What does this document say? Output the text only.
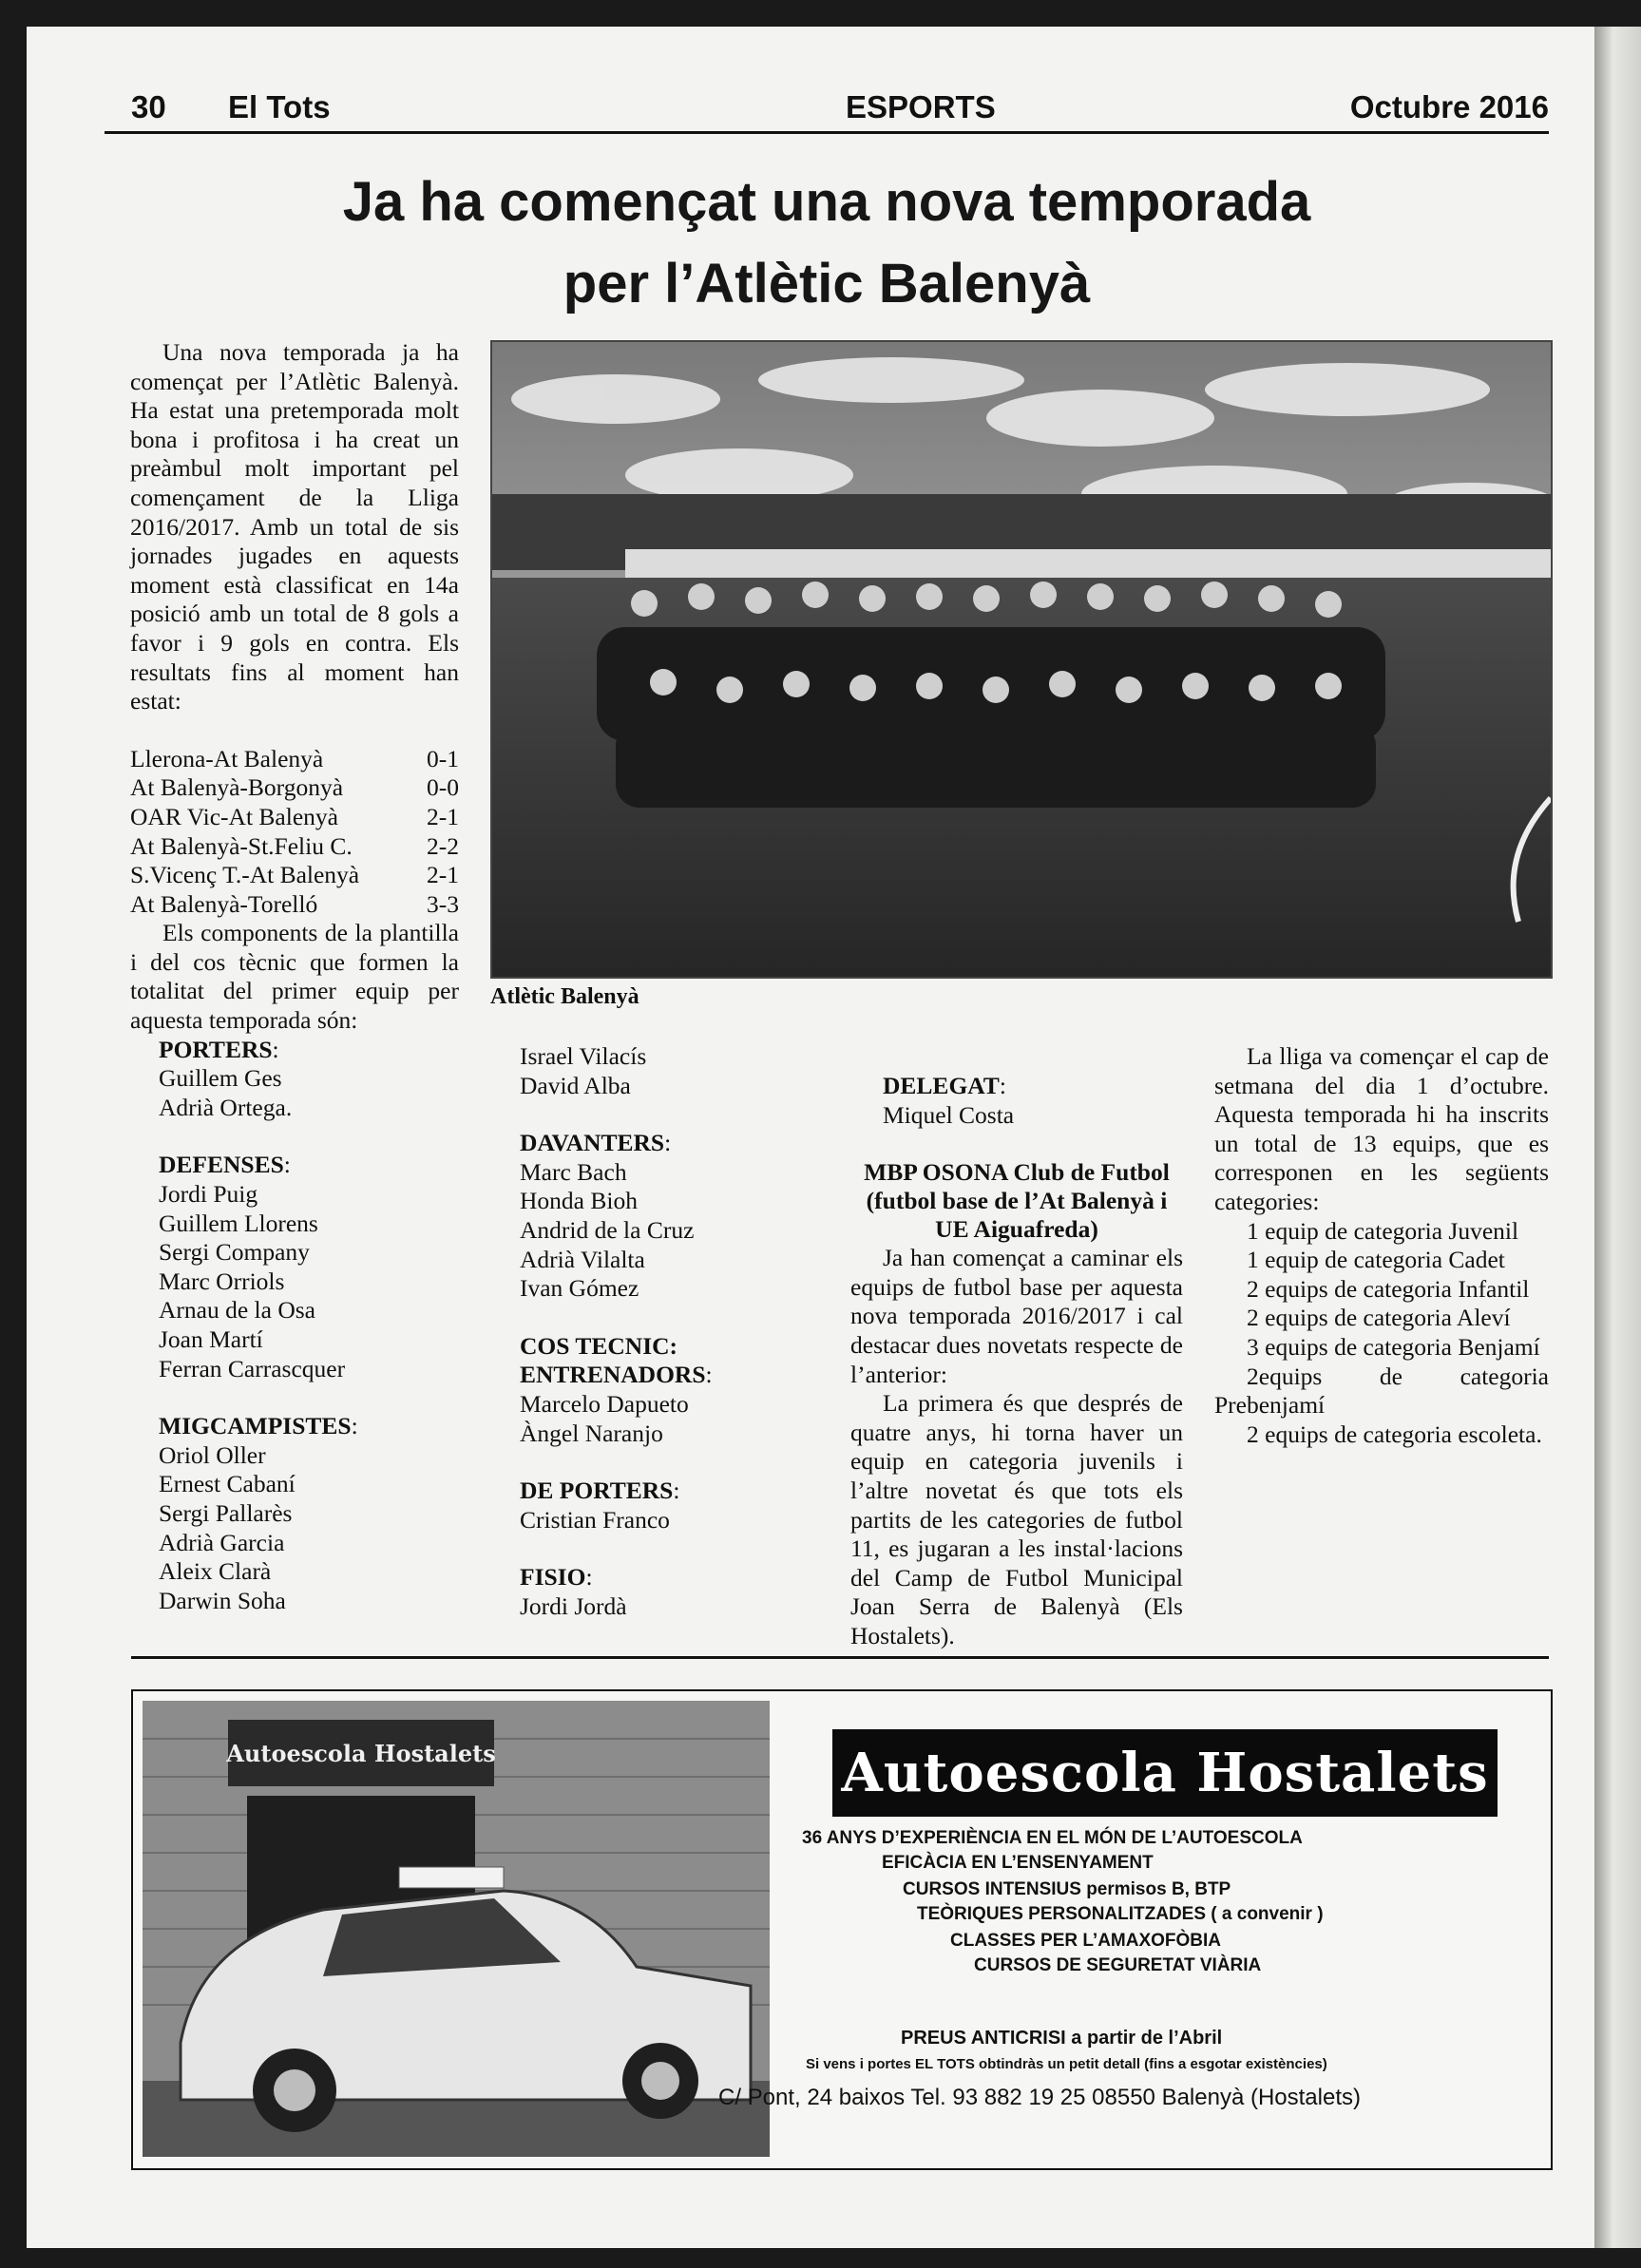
30 El Tots	ESPORTS	Octubre 2016
Ja ha començat una nova temporada
per l’Atlètic Balenyà
Atlètic Balenyà

Una nova temporada ja ha començat per l’Atlètic Balenyà. Ha estat una pretemporada molt bona i profitosa i ha creat un preàmbul molt important pel començament de la Lliga 2016/2017. Amb un total de sis jornades jugades en aquests moment està classificat en 14a posició amb un total de 8 gols a favor i 9 gols en contra. Els resultats fins al moment han estat:

Llerona-At Balenyà	0-1
At Balenyà-Borgonyà	0-0
OAR Vic-At Balenyà	2-1
At Balenyà-St.Feliu C.	2-2
S.Vicenç T.-At Balenyà	2-1
At Balenyà-Torelló	3-3

Els components de la plantilla i del cos tècnic que formen la totalitat del primer equip per aquesta temporada són:

PORTERS:
Guillem Ges
Adrià Ortega.
DEFENSES:
Jordi Puig
Guillem Llorens
Sergi Company
Marc Orriols
Arnau de la Osa
Joan Martí
Ferran Carrascquer
MIGCAMPISTES:
Oriol Oller
Ernest Cabaní
Sergi Pallarès
Adrià Garcia
Aleix Clarà
Darwin Soha
Israel Vilacís
David Alba
DAVANTERS:
Marc Bach
Honda Bioh
Andrid de la Cruz
Adrià Vilalta
Ivan Gómez
COS TECNIC:
ENTRENADORS:
Marcelo Dapueto
Àngel Naranjo
DE PORTERS:
Cristian Franco
FISIO:
Jordi Jordà
DELEGAT:
Miquel Costa
MBP OSONA Club de Futbol (futbol base de l’At Balenyà i UE Aiguafreda)

Ja han començat a caminar els equips de futbol base per aquesta nova temporada 2016/2017 i cal destacar dues novetats respecte de l’anterior:

La primera és que després de quatre anys, hi torna haver un equip en categoria juvenils i l’altre novetat és que tots els partits de les categories de futbol 11, es jugaran a les instal·lacions del Camp de Futbol Municipal Joan Serra de Balenyà (Els Hostalets).

La lliga va començar el cap de setmana del dia 1 d’octubre. Aquesta temporada hi ha inscrits un total de 13 equips, que es corresponen en les següents categories:

1 equip de categoria Juvenil

1 equip de categoria Cadet

2 equips de categoria Infantil

2 equips de categoria Aleví

3 equips de categoria Benjamí

2equips de categoria Prebenjamí

2 equips de categoria escoleta.

Autoescola Hostalets	Autoescola Hostalets
36 ANYS D’EXPERIÈNCIA EN EL MÓN DE L’AUTOESCOLA
EFICÀCIA EN L’ENSENYAMENT
CURSOS INTENSIUS permisos B, BTP
TEÒRIQUES PERSONALITZADES ( a convenir )
CLASSES PER L’AMAXOFÒBIA
CURSOS DE SEGURETAT VIÀRIA
PREUS ANTICRISI a partir de l’Abril
Si vens i portes EL TOTS obtindràs un petit detall (fins a esgotar existències)
C/ Pont, 24 baixos Tel. 93 882 19 25 08550 Balenyà (Hostalets)
